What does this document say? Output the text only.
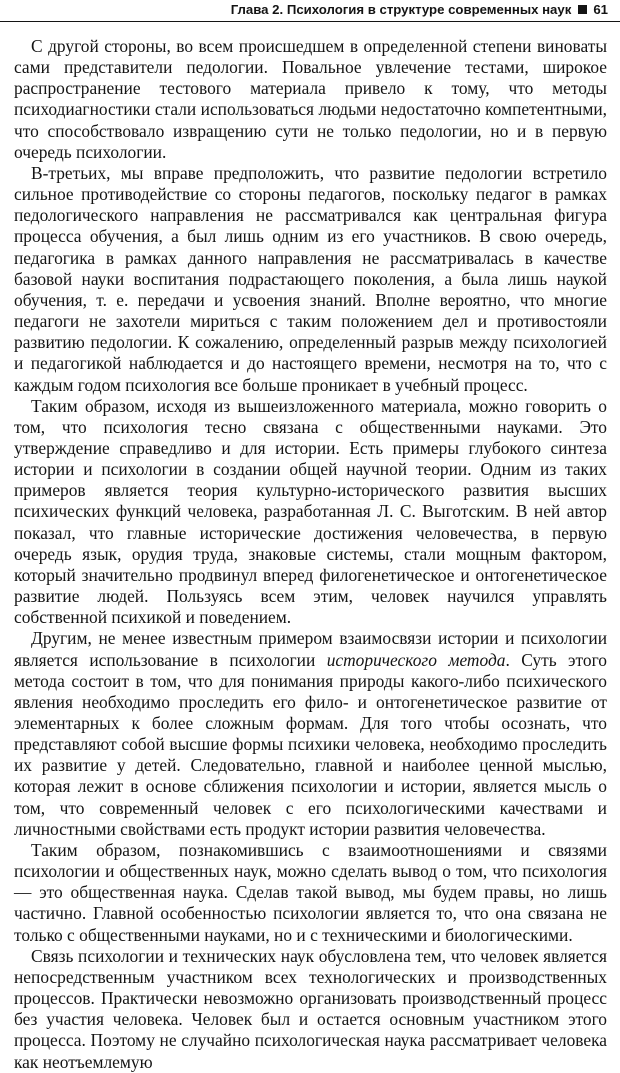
Глава 2. Психология в структуре современных наук 61

С другой стороны, во всем происшедшем в определенной степени виноваты сами представители педологии. Повальное увлечение тестами, широкое распространение тестового материала привело к тому, что методы психодиагностики стали использоваться людьми недостаточно компетентными, что способствовало извращению сути не только педологии, но и в первую очередь психологии.

В-третьих, мы вправе предположить, что развитие педологии встретило сильное противодействие со стороны педагогов, поскольку педагог в рамках педологического направления не рассматривался как центральная фигура процесса обучения, а был лишь одним из его участников. В свою очередь, педагогика в рамках данного направления не рассматривалась в качестве базовой науки воспитания подрастающего поколения, а была лишь наукой обучения, т. е. передачи и усвоения знаний. Вполне вероятно, что многие педагоги не захотели мириться с таким положением дел и противостояли развитию педологии. К сожалению, определенный разрыв между психологией и педагогикой наблюдается и до настоящего времени, несмотря на то, что с каждым годом психология все больше проникает в учебный процесс.

Таким образом, исходя из вышеизложенного материала, можно говорить о том, что психология тесно связана с общественными науками. Это утверждение справедливо и для истории. Есть примеры глубокого синтеза истории и психологии в создании общей научной теории. Одним из таких примеров является теория культурно-исторического развития высших психических функций человека, разработанная Л. С. Выготским. В ней автор показал, что главные исторические достижения человечества, в первую очередь язык, орудия труда, знаковые системы, стали мощным фактором, который значительно продвинул вперед филогенетическое и онтогенетическое развитие людей. Пользуясь всем этим, человек научился управлять собственной психикой и поведением.

Другим, не менее известным примером взаимосвязи истории и психологии является использование в психологии исторического метода. Суть этого метода состоит в том, что для понимания природы какого-либо психического явления необходимо проследить его фило- и онтогенетическое развитие от элементарных к более сложным формам. Для того чтобы осознать, что представляют собой высшие формы психики человека, необходимо проследить их развитие у детей. Следовательно, главной и наиболее ценной мыслью, которая лежит в основе сближения психологии и истории, является мысль о том, что современный человек с его психологическими качествами и личностными свойствами есть продукт истории развития человечества.

Таким образом, познакомившись с взаимоотношениями и связями психологии и общественных наук, можно сделать вывод о том, что психология — это общественная наука. Сделав такой вывод, мы будем правы, но лишь частично. Главной особенностью психологии является то, что она связана не только с общественными науками, но и с техническими и биологическими.

Связь психологии и технических наук обусловлена тем, что человек является непосредственным участником всех технологических и производственных процессов. Практически невозможно организовать производственный процесс без участия человека. Человек был и остается основным участником этого процесса. Поэтому не случайно психологическая наука рассматривает человека как неотъемлемую
